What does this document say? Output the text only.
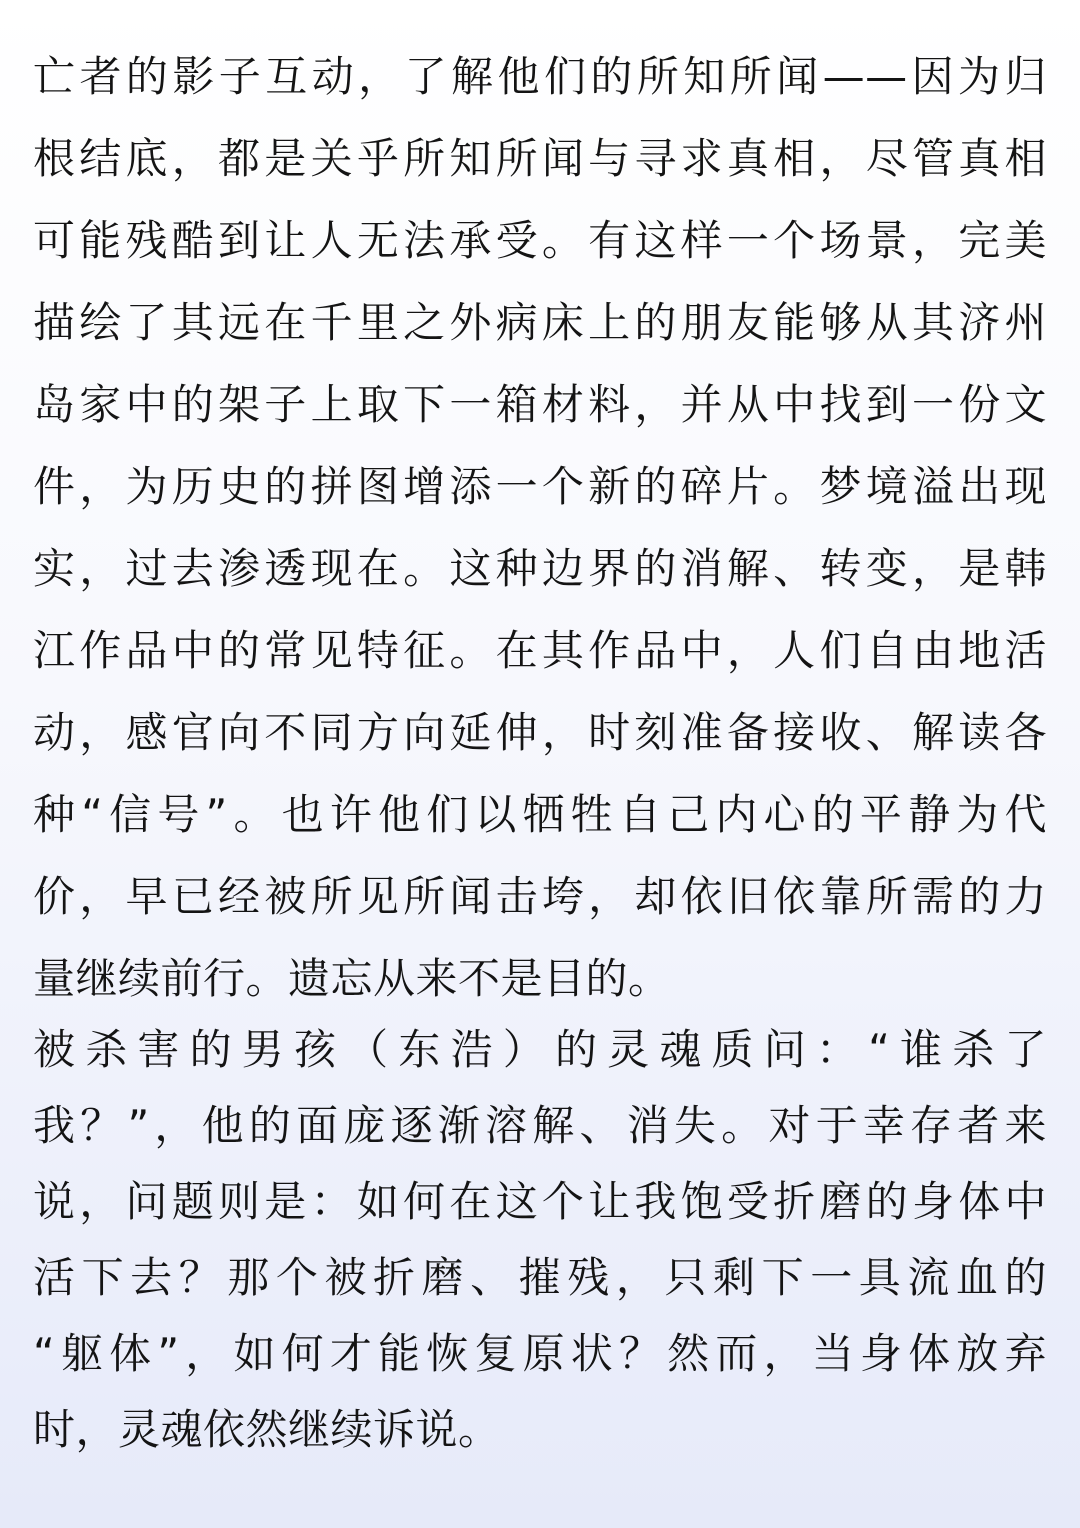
亡者的影子互动，了解他们的所知所闻——因为归
根结底，都是关乎所知所闻与寻求真相，尽管真相
可能残酷到让人无法承受。有这样一个场景，完美
描绘了其远在千里之外病床上的朋友能够从其济州
岛家中的架子上取下一箱材料，并从中找到一份文
件，为历史的拼图增添一个新的碎片。梦境溢出现
实，过去渗透现在。这种边界的消解、转变，是韩
江作品中的常见特征。在其作品中，人们自由地活
动，感官向不同方向延伸，时刻准备接收、解读各
种“信号”。也许他们以牺牲自己内心的平静为代
价，早已经被所见所闻击垮，却依旧依靠所需的力
量继续前行。遗忘从来不是目的。

被杀害的男孩（东浩）的灵魂质问：“谁杀了
我？”，他的面庞逐渐溶解、消失。对于幸存者来
说，问题则是：如何在这个让我饱受折磨的身体中
活下去？那个被折磨、摧残，只剩下一具流血的
“躯体”，如何才能恢复原状？然而，当身体放弃
时，灵魂依然继续诉说。
